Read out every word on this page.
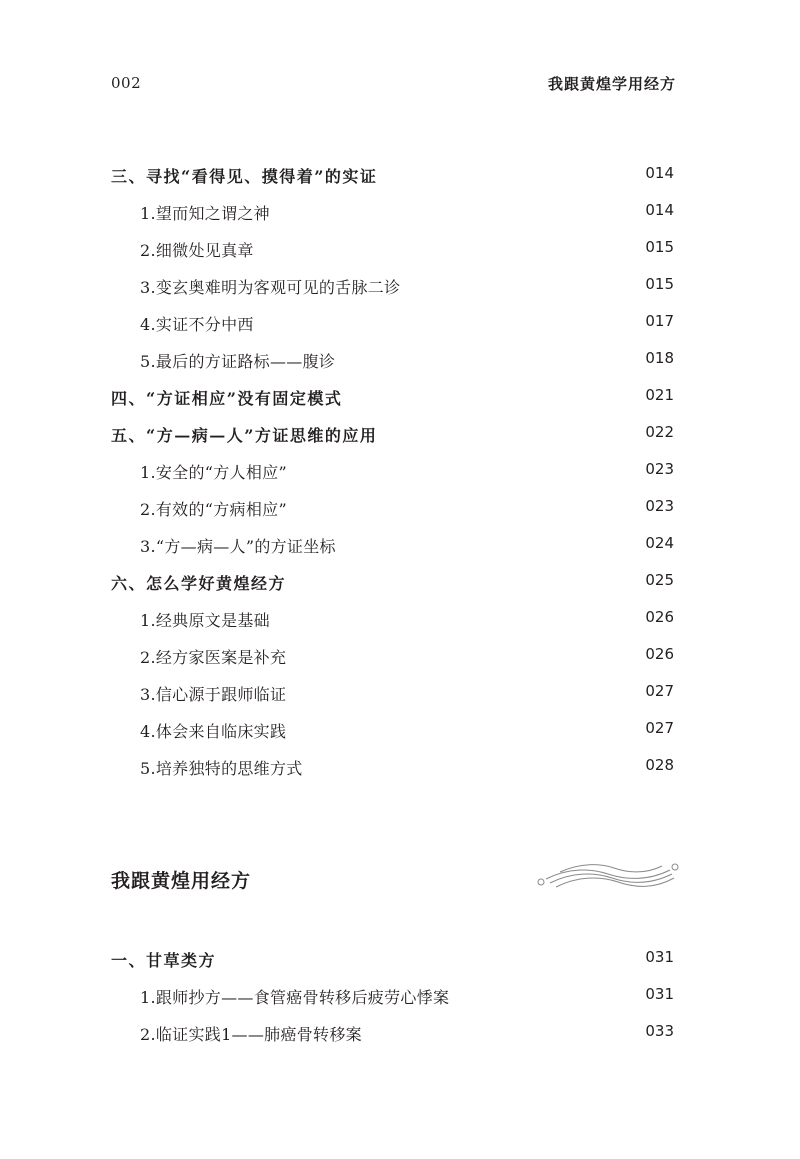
002	我跟黄煌学用经方
三、寻找“看得见、摸得着”的实证	014
1.望而知之谓之神	014
2.细微处见真章	015
3.变玄奥难明为客观可见的舌脉二诊	015
4.实证不分中西	017
5.最后的方证路标——腹诊	018
四、“方证相应”没有固定模式	021
五、“方—病—人”方证思维的应用	022
1.安全的“方人相应”	023
2.有效的“方病相应”	023
3.“方—病—人”的方证坐标	024
六、怎么学好黄煌经方	025
1.经典原文是基础	026
2.经方家医案是补充	026
3.信心源于跟师临证	027
4.体会来自临床实践	027
5.培养独特的思维方式	028
我跟黄煌用经方
一、甘草类方	031
1.跟师抄方——食管癌骨转移后疲劳心悸案	031
2.临证实践1——肺癌骨转移案	033
